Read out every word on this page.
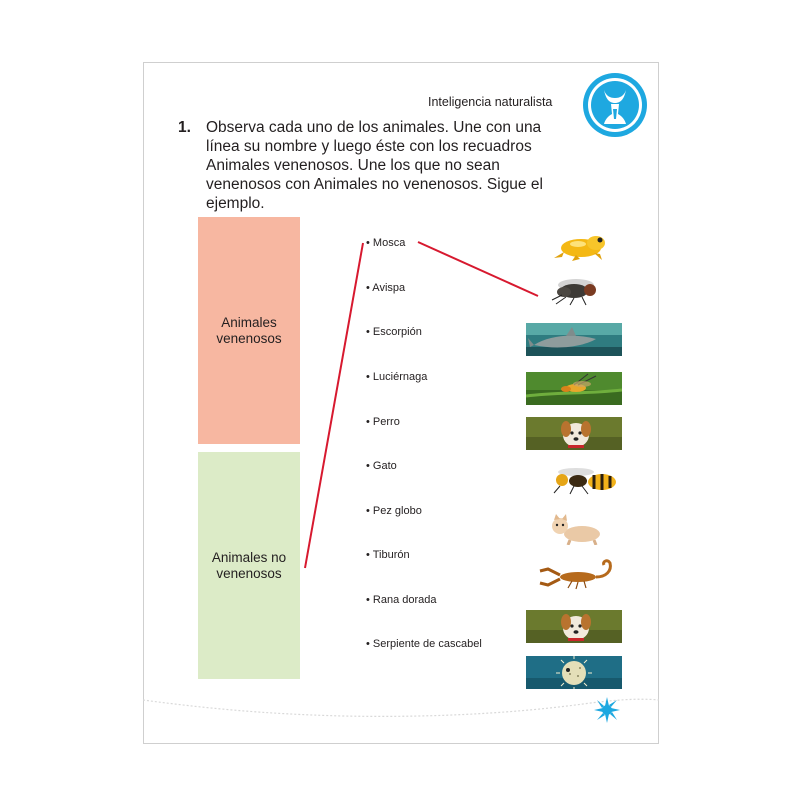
Inteligencia naturalista
1. Observa cada uno de los animales. Une con una línea su nombre y luego éste con los recuadros Animales venenosos. Une los que no sean venenosos con Animales no venenosos. Sigue el ejemplo.
Animales venenosos
Animales no venenosos
• Mosca
• Avispa
• Escorpión
• Luciérnaga
• Perro
• Gato
• Pez globo
• Tiburón
• Rana dorada
• Serpiente de cascabel
